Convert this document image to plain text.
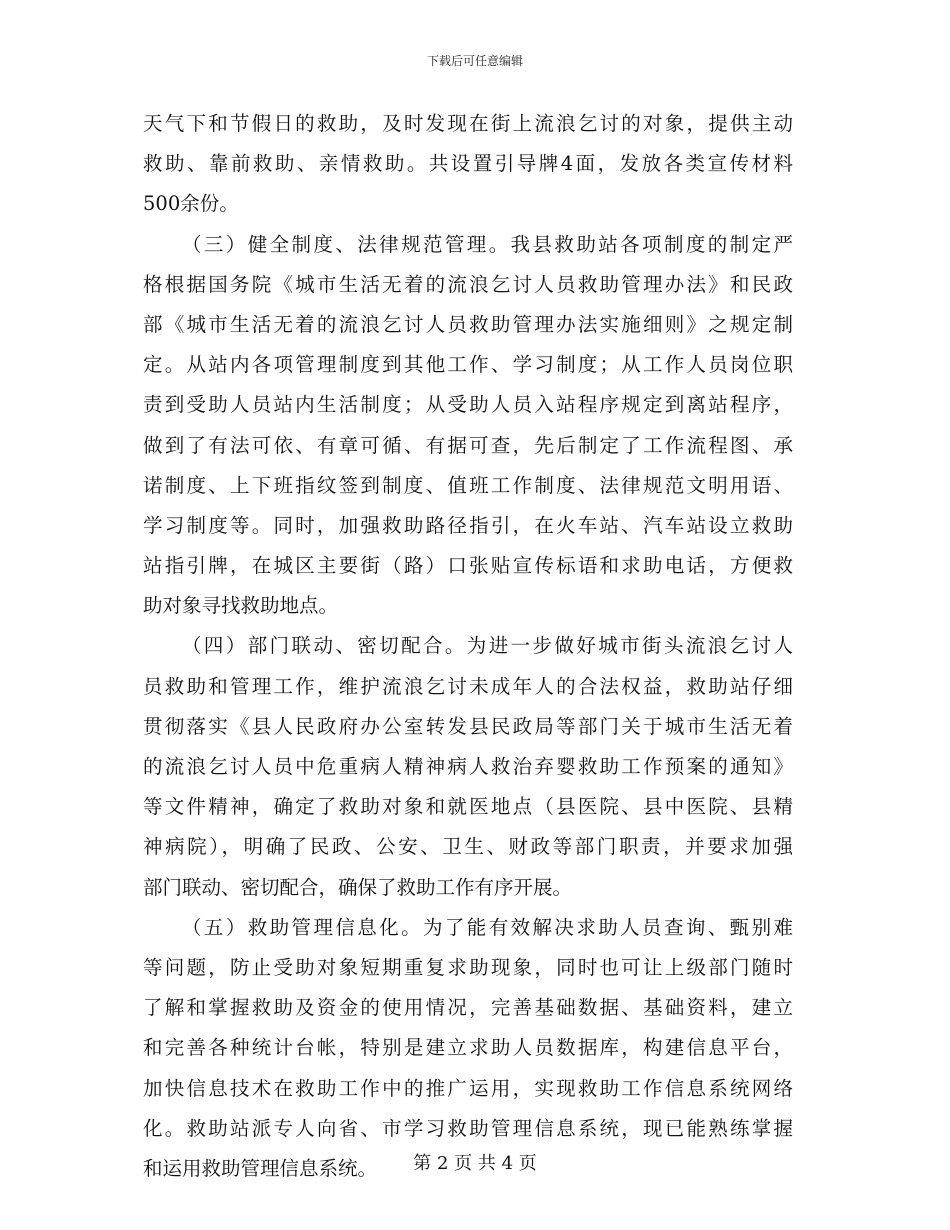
下载后可任意编辑
天气下和节假日的救助，及时发现在街上流浪乞讨的对象，提供主动
救助、靠前救助、亲情救助。共设置引导牌4面，发放各类宣传材料
500余份。
（三）健全制度、法律规范管理。我县救助站各项制度的制定严
格根据国务院《城市生活无着的流浪乞讨人员救助管理办法》和民政
部《城市生活无着的流浪乞讨人员救助管理办法实施细则》之规定制
定。从站内各项管理制度到其他工作、学习制度；从工作人员岗位职
责到受助人员站内生活制度；从受助人员入站程序规定到离站程序，
做到了有法可依、有章可循、有据可查，先后制定了工作流程图、承
诺制度、上下班指纹签到制度、值班工作制度、法律规范文明用语、
学习制度等。同时，加强救助路径指引，在火车站、汽车站设立救助
站指引牌，在城区主要街（路）口张贴宣传标语和求助电话，方便救
助对象寻找救助地点。
（四）部门联动、密切配合。为进一步做好城市街头流浪乞讨人
员救助和管理工作，维护流浪乞讨未成年人的合法权益，救助站仔细
贯彻落实《县人民政府办公室转发县民政局等部门关于城市生活无着
的流浪乞讨人员中危重病人精神病人救治弃婴救助工作预案的通知》
等文件精神，确定了救助对象和就医地点（县医院、县中医院、县精
神病院），明确了民政、公安、卫生、财政等部门职责，并要求加强
部门联动、密切配合，确保了救助工作有序开展。
（五）救助管理信息化。为了能有效解决求助人员查询、甄别难
等问题，防止受助对象短期重复求助现象，同时也可让上级部门随时
了解和掌握救助及资金的使用情况，完善基础数据、基础资料，建立
和完善各种统计台帐，特别是建立求助人员数据库，构建信息平台，
加快信息技术在救助工作中的推广运用，实现救助工作信息系统网络
化。救助站派专人向省、市学习救助管理信息系统，现已能熟练掌握
和运用救助管理信息系统。	第 2 页 共 4 页
